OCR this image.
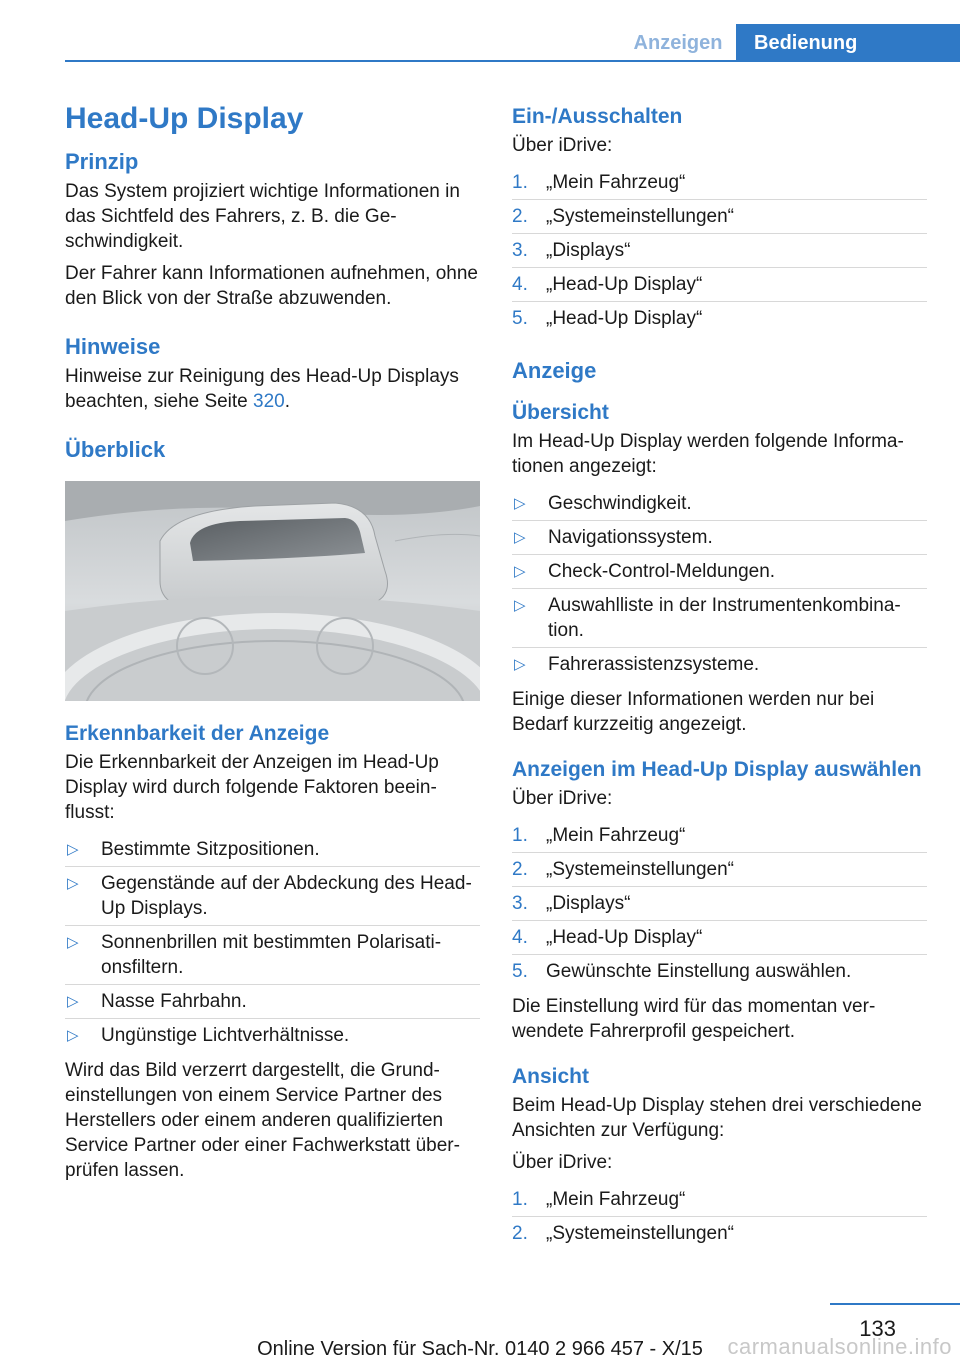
Anzeigen	Bedienung
Head-Up Display
Prinzip

Das System projiziert wichtige Informationen in das Sichtfeld des Fahrers, z. B. die Geschwindigkeit.

Der Fahrer kann Informationen aufnehmen, ohne den Blick von der Straße abzuwenden.

Hinweise

Hinweise zur Reinigung des Head-Up Displays beachten, siehe Seite 320.

Überblick
Erkennbarkeit der Anzeige

Die Erkennbarkeit der Anzeigen im Head-Up Display wird durch folgende Faktoren beeinflusst:

▷	Bestimmte Sitzpositionen.
▷	Gegenstände auf der Abdeckung des Head-Up Displays.
▷	Sonnenbrillen mit bestimmten Polarisationsfiltern.
▷	Nasse Fahrbahn.
▷	Ungünstige Lichtverhältnisse.

Wird das Bild verzerrt dargestellt, die Grundeinstellungen von einem Service Partner des Herstellers oder einem anderen qualifizierten Service Partner oder einer Fachwerkstatt überprüfen lassen.

Ein-/Ausschalten

Über iDrive:

1. „Mein Fahrzeug“
2. „Systemeinstellungen“
3. „Displays“
4. „Head-Up Display“
5. „Head-Up Display“
Anzeige
Übersicht

Im Head-Up Display werden folgende Informationen angezeigt:

▷	Geschwindigkeit.
▷	Navigationssystem.
▷	Check-Control-Meldungen.
▷	Auswahlliste in der Instrumentenkombination.
▷	Fahrerassistenzsysteme.

Einige dieser Informationen werden nur bei Bedarf kurzzeitig angezeigt.

Anzeigen im Head-Up Display auswählen

Über iDrive:

1. „Mein Fahrzeug“
2. „Systemeinstellungen“
3. „Displays“
4. „Head-Up Display“
5. Gewünschte Einstellung auswählen.

Die Einstellung wird für das momentan verwendete Fahrerprofil gespeichert.

Ansicht

Beim Head-Up Display stehen drei verschiedene Ansichten zur Verfügung:

Über iDrive:

1. „Mein Fahrzeug“
2. „Systemeinstellungen“
133
Online Version für Sach-Nr. 0140 2 966 457 - X/15	carmanualsonline.info
